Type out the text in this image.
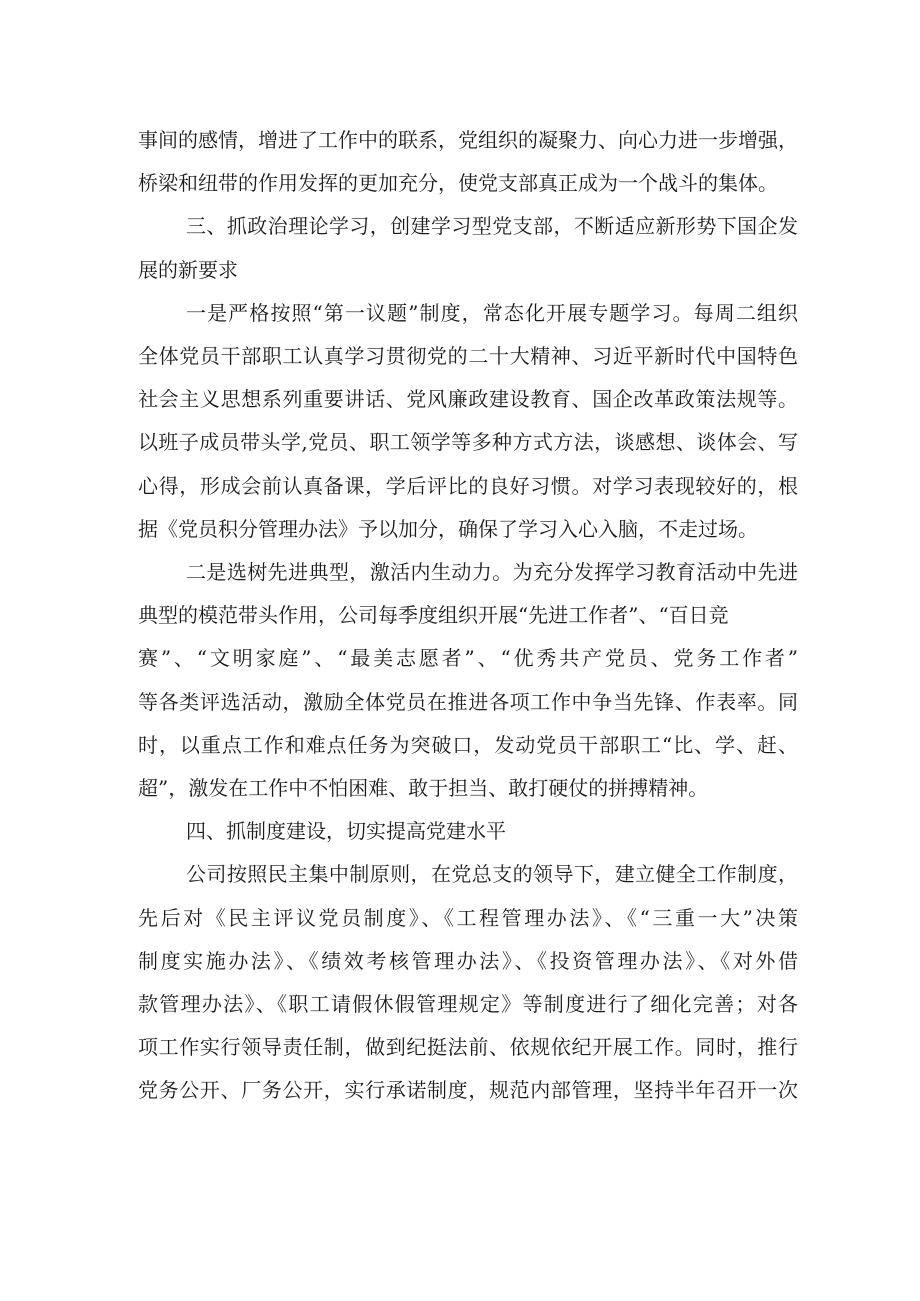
事间的感情，增进了工作中的联系，党组织的凝聚力、向心力进一步增强，
桥梁和纽带的作用发挥的更加充分，使党支部真正成为一个战斗的集体。
三、抓政治理论学习，创建学习型党支部，不断适应新形势下国企发
展的新要求
一是严格按照“第一议题”制度，常态化开展专题学习。每周二组织
全体党员干部职工认真学习贯彻党的二十大精神、习近平新时代中国特色
社会主义思想系列重要讲话、党风廉政建设教育、国企改革政策法规等。
以班子成员带头学,党员、职工领学等多种方式方法，谈感想、谈体会、写
心得，形成会前认真备课，学后评比的良好习惯。对学习表现较好的，根
据《党员积分管理办法》予以加分，确保了学习入心入脑，不走过场。
二是选树先进典型，激活内生动力。为充分发挥学习教育活动中先进
典型的模范带头作用，公司每季度组织开展“先进工作者”、“百日竞
赛”、“文明家庭”、“最美志愿者”、“优秀共产党员、党务工作者”
等各类评选活动，激励全体党员在推进各项工作中争当先锋、作表率。同
时，以重点工作和难点任务为突破口，发动党员干部职工“比、学、赶、
超”，激发在工作中不怕困难、敢于担当、敢打硬仗的拼搏精神。
四、抓制度建设，切实提高党建水平
公司按照民主集中制原则，在党总支的领导下，建立健全工作制度，
先后对《民主评议党员制度》、《工程管理办法》、《“三重一大”决策
制度实施办法》、《绩效考核管理办法》、《投资管理办法》、《对外借
款管理办法》、《职工请假休假管理规定》等制度进行了细化完善；对各
项工作实行领导责任制，做到纪挺法前、依规依纪开展工作。同时，推行
党务公开、厂务公开，实行承诺制度，规范内部管理，坚持半年召开一次
